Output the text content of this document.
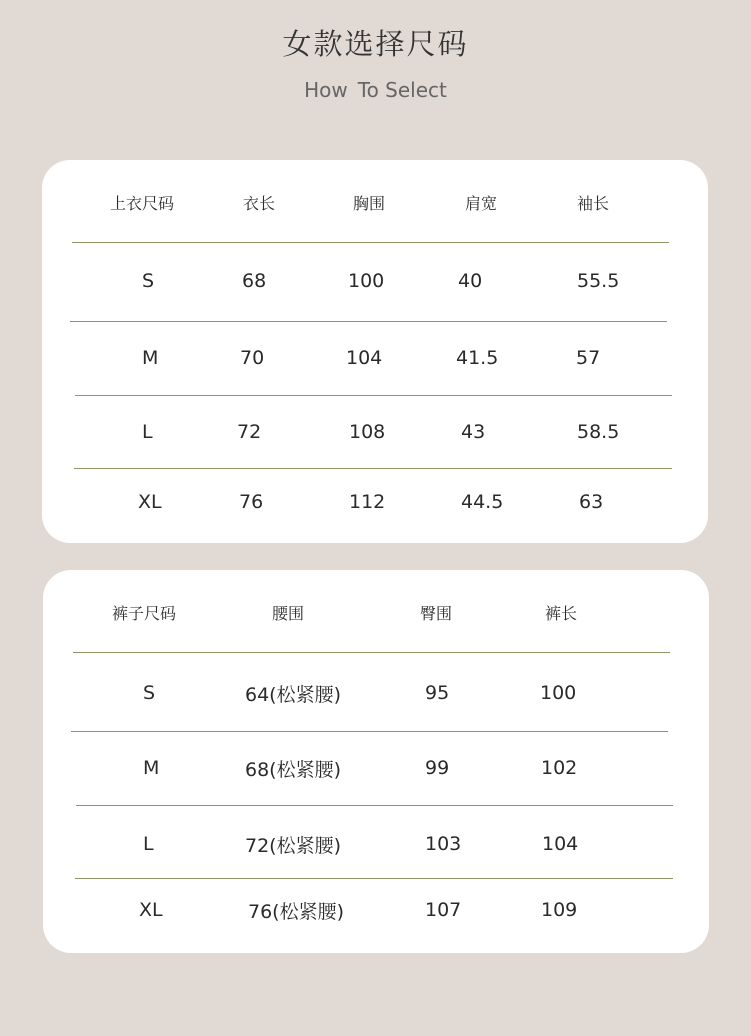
女款选择尺码
How To Select
上衣尺码	衣长	胸围	肩宽	袖长
S	68	100	40	55.5
M	70	104	41.5	57
L	72	108	43	58.5
XL	76	112	44.5	63
裤子尺码	腰围	臀围	裤长
S	64(松紧腰)	95	100
M	68(松紧腰)	99	102
L	72(松紧腰)	103	104
XL	76(松紧腰)	107	109
